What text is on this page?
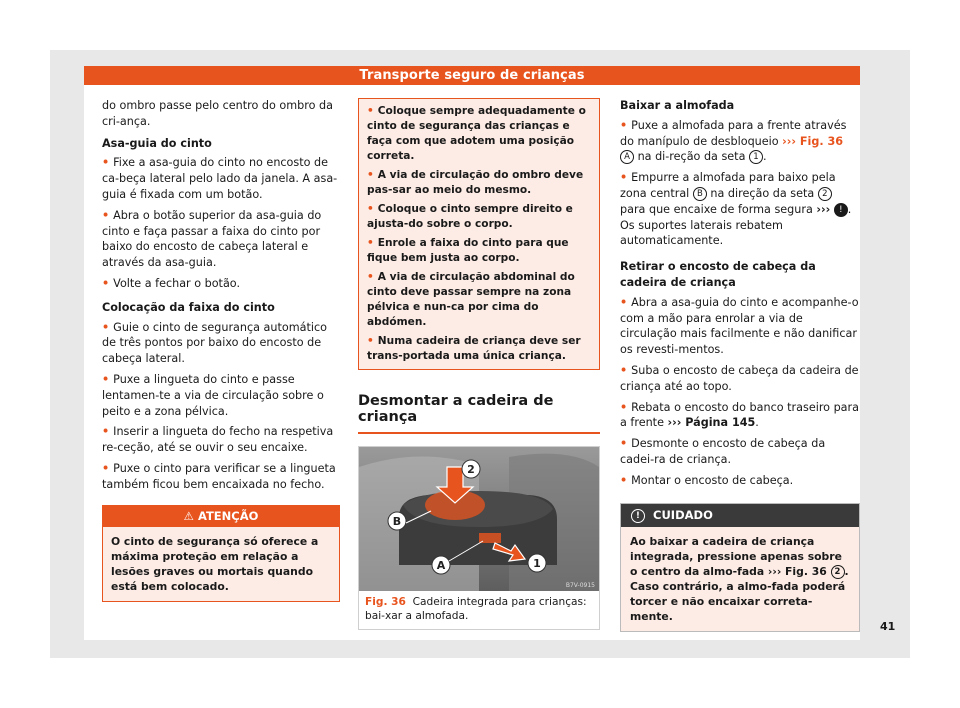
Transporte seguro de crianças

do ombro passe pelo centro do ombro da cri-ança.

Asa-guia do cinto

• Fixe a asa-guia do cinto no encosto de ca-beça lateral pelo lado da janela. A asa-guia é fixada com um botão.

• Abra o botão superior da asa-guia do cinto e faça passar a faixa do cinto por baixo do encosto de cabeça lateral e através da asa-guia.

• Volte a fechar o botão.

Colocação da faixa do cinto

• Guie o cinto de segurança automático de três pontos por baixo do encosto de cabeça lateral.

• Puxe a lingueta do cinto e passe lentamen-te a via de circulação sobre o peito e a zona pélvica.

• Inserir a lingueta do fecho na respetiva re-ceção, até se ouvir o seu encaixe.

• Puxe o cinto para verificar se a lingueta também ficou bem encaixada no fecho.

⚠ ATENÇÃO
O cinto de segurança só oferece a máxima proteção em relação a lesões graves ou mortais quando está bem colocado.

• Coloque sempre adequadamente o cinto de segurança das crianças e faça com que adotem uma posição correta.

• A via de circulação do ombro deve pas-sar ao meio do mesmo.

• Coloque o cinto sempre direito e ajusta-do sobre o corpo.

• Enrole a faixa do cinto para que fique bem justa ao corpo.

• A via de circulação abdominal do cinto deve passar sempre na zona pélvica e nun-ca por cima do abdómen.

• Numa cadeira de criança deve ser trans-portada uma única criança.

Desmontar a cadeira de criança
2
B
A	1
B7V-0915
Fig. 36 Cadeira integrada para crianças: bai-xar a almofada.

Baixar a almofada

• Puxe a almofada para a frente através do manípulo de desbloqueio ››› Fig. 36 A na di-reção da seta 1 .

• Empurre a almofada para baixo pela zona central B na direção da seta 2 para que encaixe de forma segura ››› ! . Os suportes laterais rebatem automaticamente.

Retirar o encosto de cabeça da cadeira de criança

• Abra a asa-guia do cinto e acompanhe-o com a mão para enrolar a via de circulação mais facilmente e não danificar os revesti-mentos.

• Suba o encosto de cabeça da cadeira de criança até ao topo.

• Rebata o encosto do banco traseiro para a frente ››› Página 145.

• Desmonte o encosto de cabeça da cadei-ra de criança.

• Montar o encosto de cabeça.

! CUIDADO
Ao baixar a cadeira de criança integrada, pressione apenas sobre o centro da almo-fada ››› Fig. 36 2 . Caso contrário, a almo-fada poderá torcer e não encaixar correta-mente.
41
